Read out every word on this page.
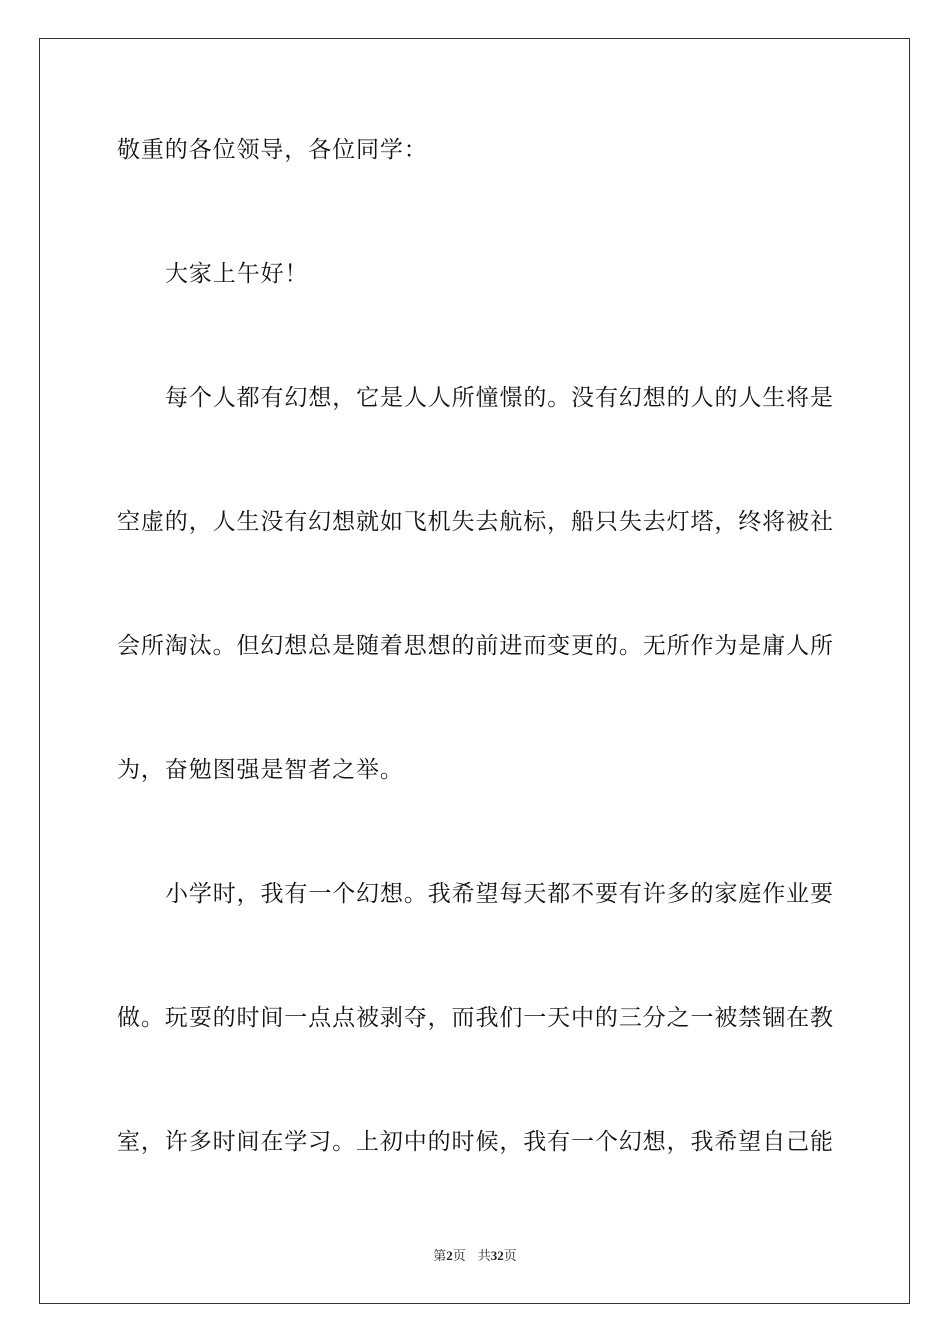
敬重的各位领导，各位同学：

大家上午好！

每个人都有幻想，它是人人所憧憬的。没有幻想的人的人生将是

空虚的，人生没有幻想就如飞机失去航标，船只失去灯塔，终将被社

会所淘汰。但幻想总是随着思想的前进而变更的。无所作为是庸人所

为，奋勉图强是智者之举。

小学时，我有一个幻想。我希望每天都不要有许多的家庭作业要

做。玩耍的时间一点点被剥夺，而我们一天中的三分之一被禁锢在教

室，许多时间在学习。上初中的时候，我有一个幻想，我希望自己能

第2页 共32页
